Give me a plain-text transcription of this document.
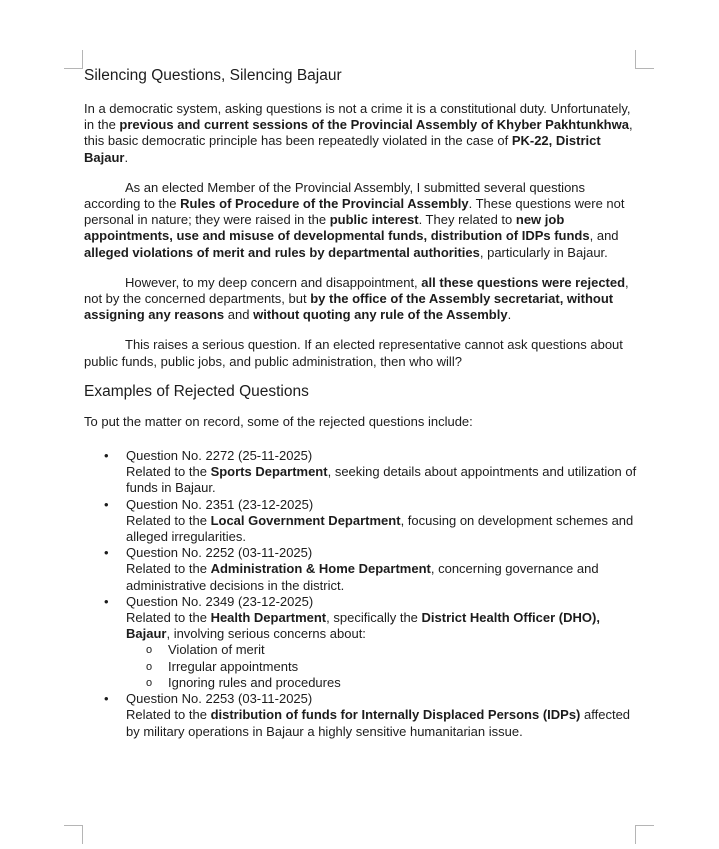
Silencing Questions, Silencing Bajaur

In a democratic system, asking questions is not a crime it is a constitutional duty. Unfortunately, in the previous and current sessions of the Provincial Assembly of Khyber Pakhtunkhwa, this basic democratic principle has been repeatedly violated in the case of PK-22, District Bajaur.

As an elected Member of the Provincial Assembly, I submitted several questions according to the Rules of Procedure of the Provincial Assembly. These questions were not personal in nature; they were raised in the public interest. They related to new job appointments, use and misuse of developmental funds, distribution of IDPs funds, and alleged violations of merit and rules by departmental authorities, particularly in Bajaur.

However, to my deep concern and disappointment, all these questions were rejected, not by the concerned departments, but by the office of the Assembly secretariat, without assigning any reasons and without quoting any rule of the Assembly.

This raises a serious question. If an elected representative cannot ask questions about public funds, public jobs, and public administration, then who will?

Examples of Rejected Questions

To put the matter on record, some of the rejected questions include:

• Question No. 2272 (25-11-2025)
Related to the Sports Department, seeking details about appointments and utilization of funds in Bajaur.
• Question No. 2351 (23-12-2025)
Related to the Local Government Department, focusing on development schemes and alleged irregularities.
• Question No. 2252 (03-11-2025)
Related to the Administration & Home Department, concerning governance and administrative decisions in the district.
• Question No. 2349 (23-12-2025)
Related to the Health Department, specifically the District Health Officer (DHO), Bajaur, involving serious concerns about:
o Violation of merit
o Irregular appointments
o Ignoring rules and procedures
• Question No. 2253 (03-11-2025)
Related to the distribution of funds for Internally Displaced Persons (IDPs) affected by military operations in Bajaur a highly sensitive humanitarian issue.
